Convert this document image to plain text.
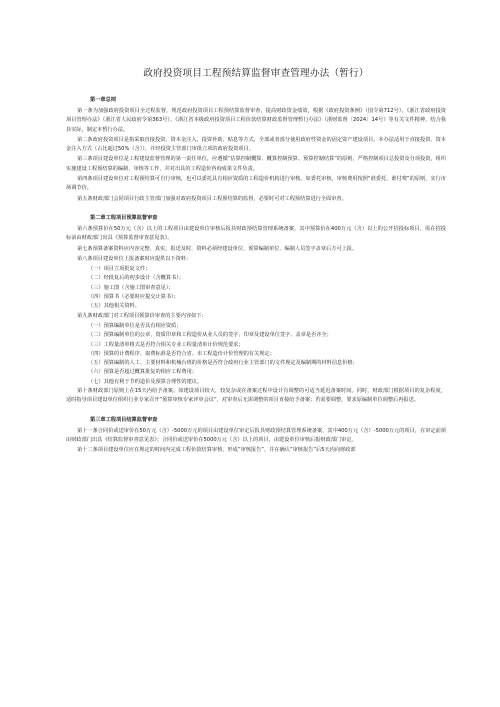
政府投资项目工程预结算监督审查管理办法（暂行）
第一章总则

第一条为加强政府投资项目全过程监督，规范政府投资项目工程预结算监督审查，提高财政资金绩效，根据《政府投资条例》（国令第712号）、《浙江省政府投资项目管理办法》（浙江省人民政府令第363号）、《浙江省本级政府投资项目工程价款结算财政监督管理暂行办法》（浙财监督〔2024〕14号）等有关文件精神，结合我县实际，制定本暂行办法。

第二条政府投资项目是指采取直接投资、资本金注入、投资补助、贴息等方式，全部或者部分使用政府性资金的固定资产建设项目。本办法适用于直接投资、资本金注入方式（占比超过50%（含）），并经投资主管部门审批立项的政府投资项目。

第三条项目建设单位是工程建设监督管理的第一责任单位，应遵循“估算控制概算、概算控制预算、预算控制结算”的原则，严格控制项目总投资及分项投资，组织实施建设工程预结算的编制、审核等工作，并对出具的工程造价咨询成果文件负责。

第四条项目建设单位对工程预结算可自行审核，也可以委托具有相应资质的工程造价机构进行审核。如委托审核，审核费用按照“谁委托、谁付费”的原则，实行市场调节价。

第五条财政部门会同项目行政主管部门加强对政府投资项目工程预结算的监督，必要时可对工程预结算进行全面审查。

第二章工程项目预算监督审查

第六条预算价在50万元（含）以上的工程项目由建设单位审核后报县财政预结算管理系统备案，其中预算价在400万元（含）以上的公开招投标项目，需在招投标前由财政部门出具《预算监督审查意见表》。

第七条预算备案资料应内容完整、真实，报送及时，资料必须经建设单位、预算编制单位、编制人员签字盖章后方可上报。

第八条项目建设单位上报备案时应提供以下资料：

（一）项目立项批复文件；

（二）经批复后的初步设计（含概算书）；

（三）施工图（含施工图审查意见）；

（四）预算书（必要时应提交计算书）；

（五）其他相关资料。

第九条财政部门对工程项目预算价审查的主要内容如下：

（一）预算编制单位是否具有相应资质；

（二）预算编制单位的公章、资质印章和工程造价从业人员的签字、印章及建设单位签字、盖章是否齐全；

（三）工程量清单格式是否符合相关专业工程量清单计价规范要求；

（四）预算的计费程序、取费标准是否符合省、市工程造价计价管理的有关规定；

（五）预算编制的人工、主要材料和机械台班的价格是否符合政府行业主管部门的文件规定及编制期的材料信息价格；

（六）预算是否超过概算批复的相应工程费用；

（七）其他有利于节约造价及预算合理性的建议。

第十条财政部门原则上在15天内给予备案。如建设项目较大，较复杂或在备案过程中设计有调整的可适当延迟备案时间。同时，财政部门根据项目的复杂程度，适时指导项目建设单位组织行业专家召开“预算审核专家评审会议”，对审查后无需调整的项目直接给予备案；若需要调整，要求原编制单位调整后再报送。

第三章工程项目结算监督审查

第十一条合同价或送审价在50万元（含）-5000万元的项目由建设单位审定后报县财政预结算管理系统备案，其中400万元（含）-5000万元的项目，在审定前须由财政部门出具《结算监督审查意见表》；合同价或送审价在5000万元（含）以上的项目，由建设单位审核后报财政部门审定。

第十二条项目建设单位应在规定的时间内完成工程价款结算审核，形成“审核报告”，并在确认“审核报告”后5天内向财政部
